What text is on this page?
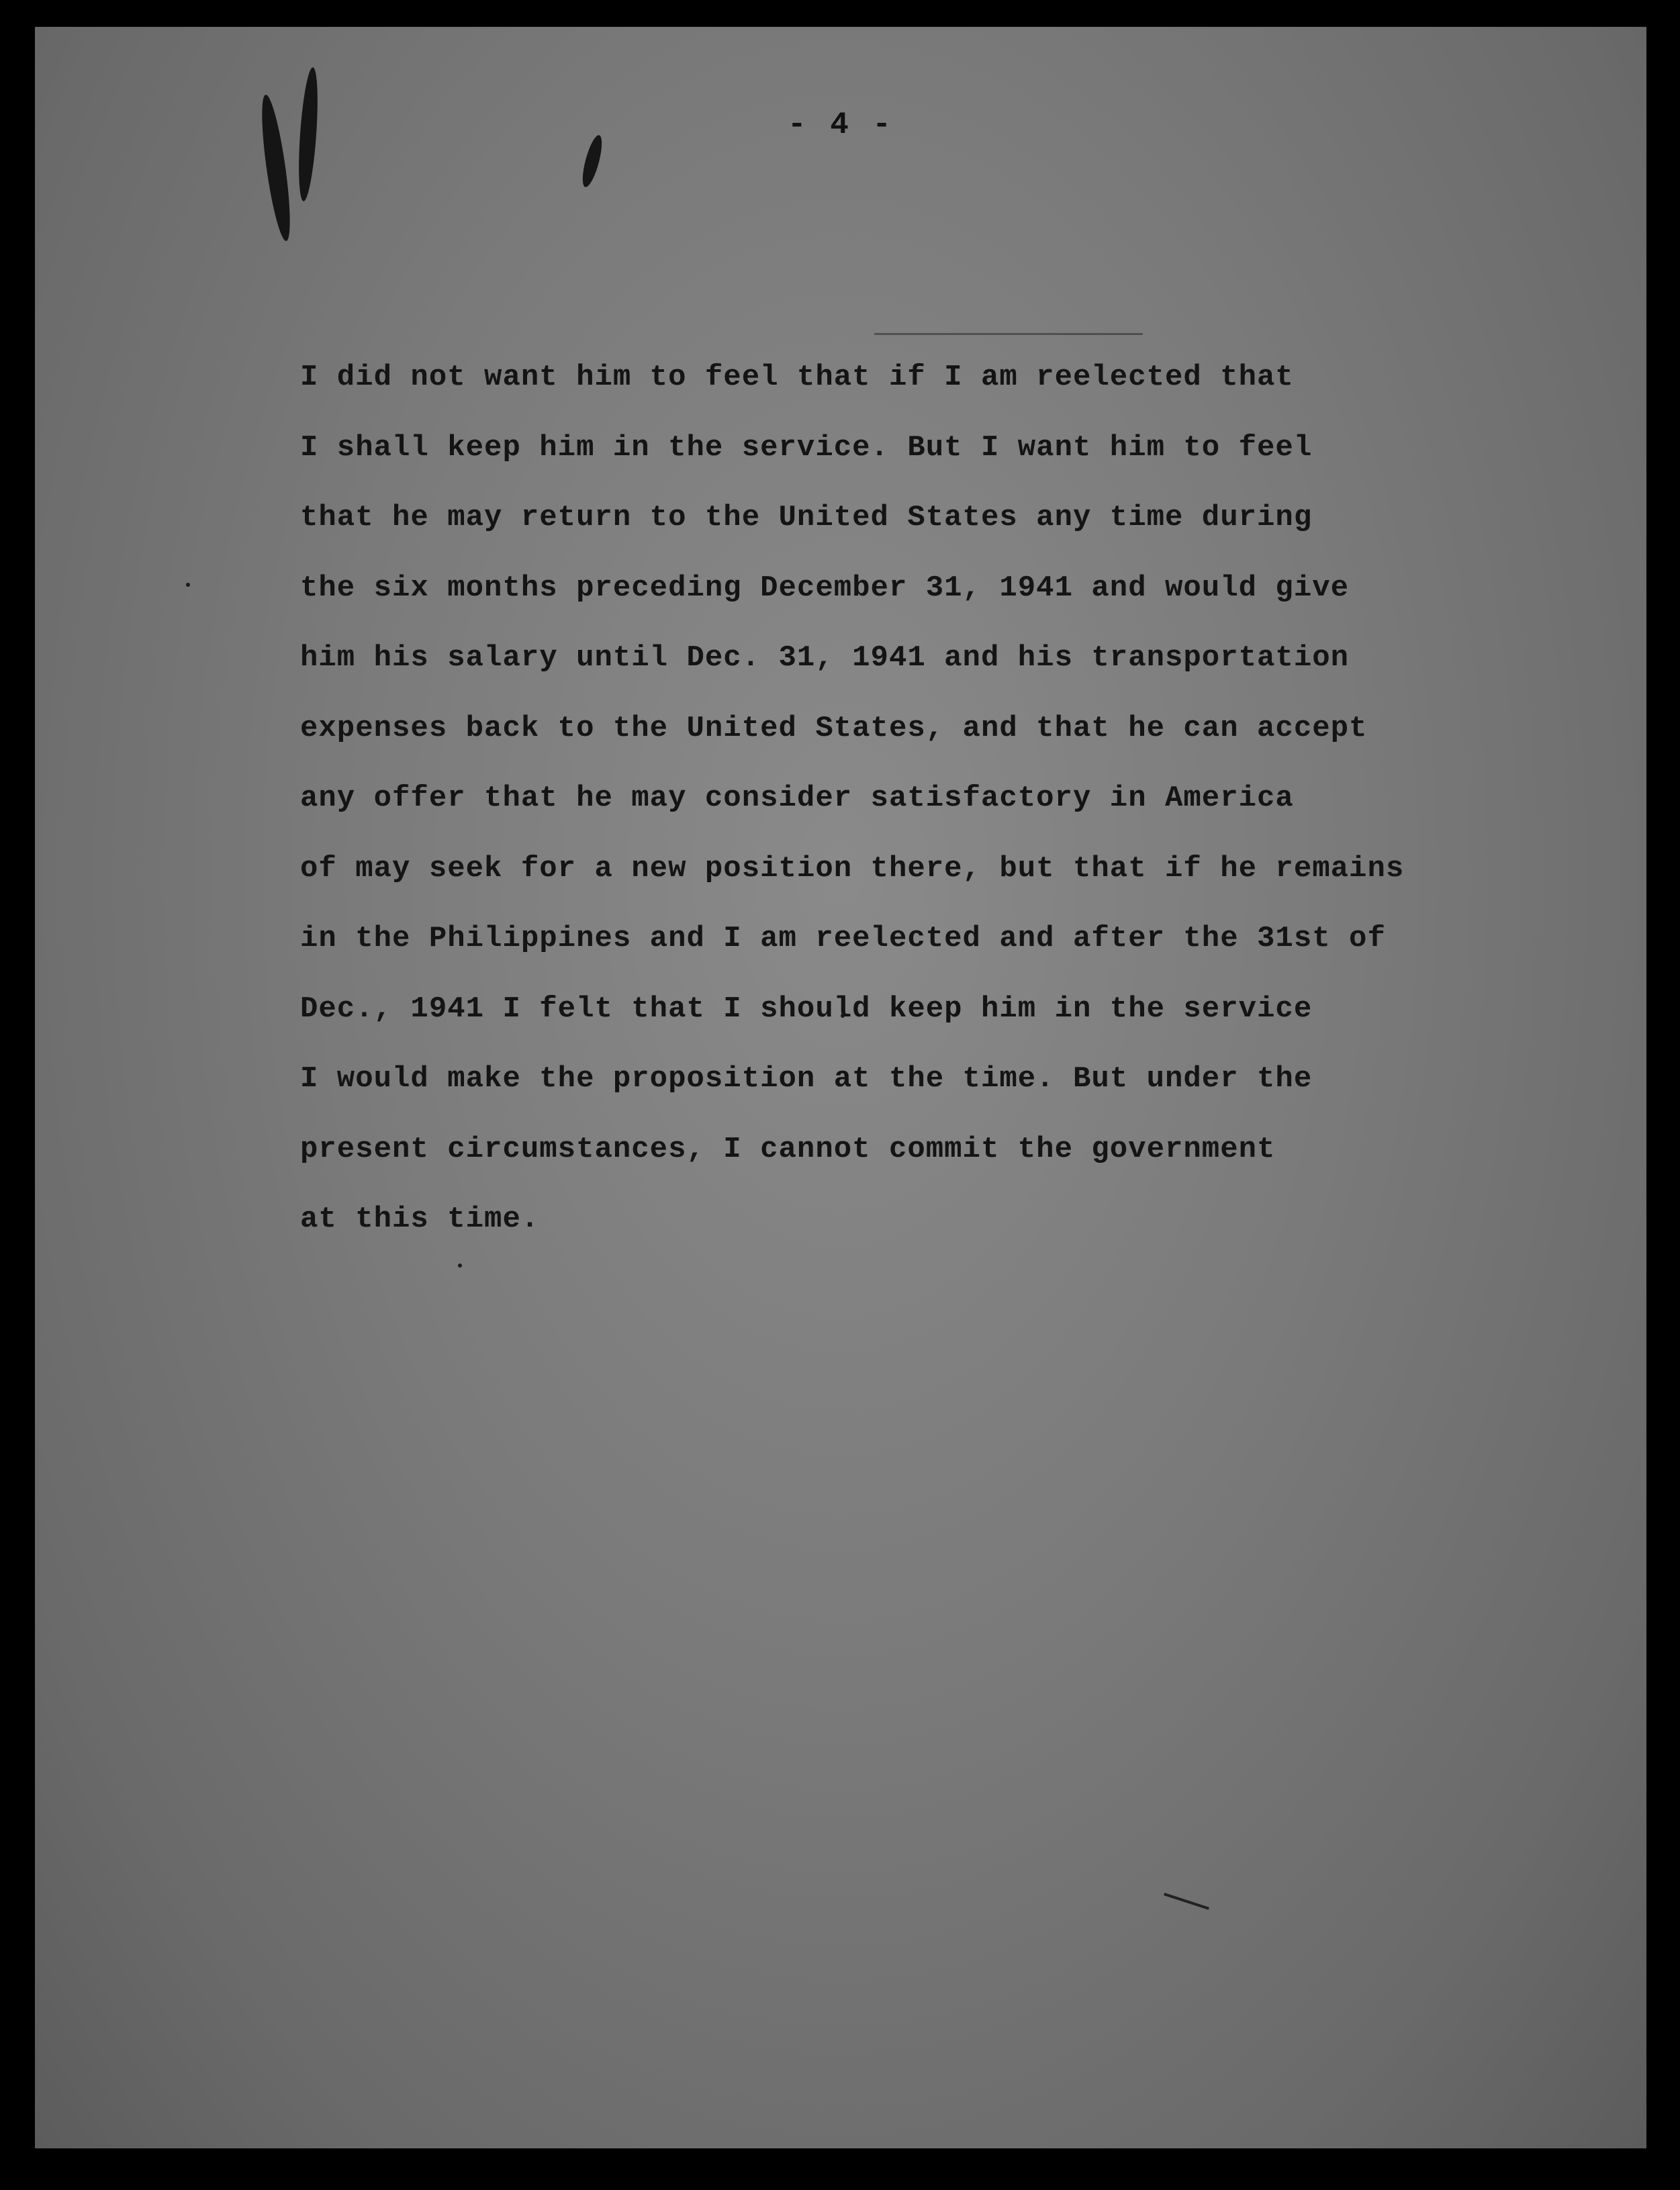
- 4 -
I did not want him to feel that if I am reelected that
I shall keep him in the service. But I want him to feel
that he may return to the United States any time during
the six months preceding December 31, 1941 and would give
him his salary until Dec. 31, 1941 and his transportation
expenses back to the United States, and that he can accept
any offer that he may consider satisfactory in America
of may seek for a new position there, but that if he remains
in the Philippines and I am reelected and after the 31st of
Dec., 1941 I felt that I should keep him in the service
I would make the proposition at the time. But under the
present circumstances, I cannot commit the government
at this time.
